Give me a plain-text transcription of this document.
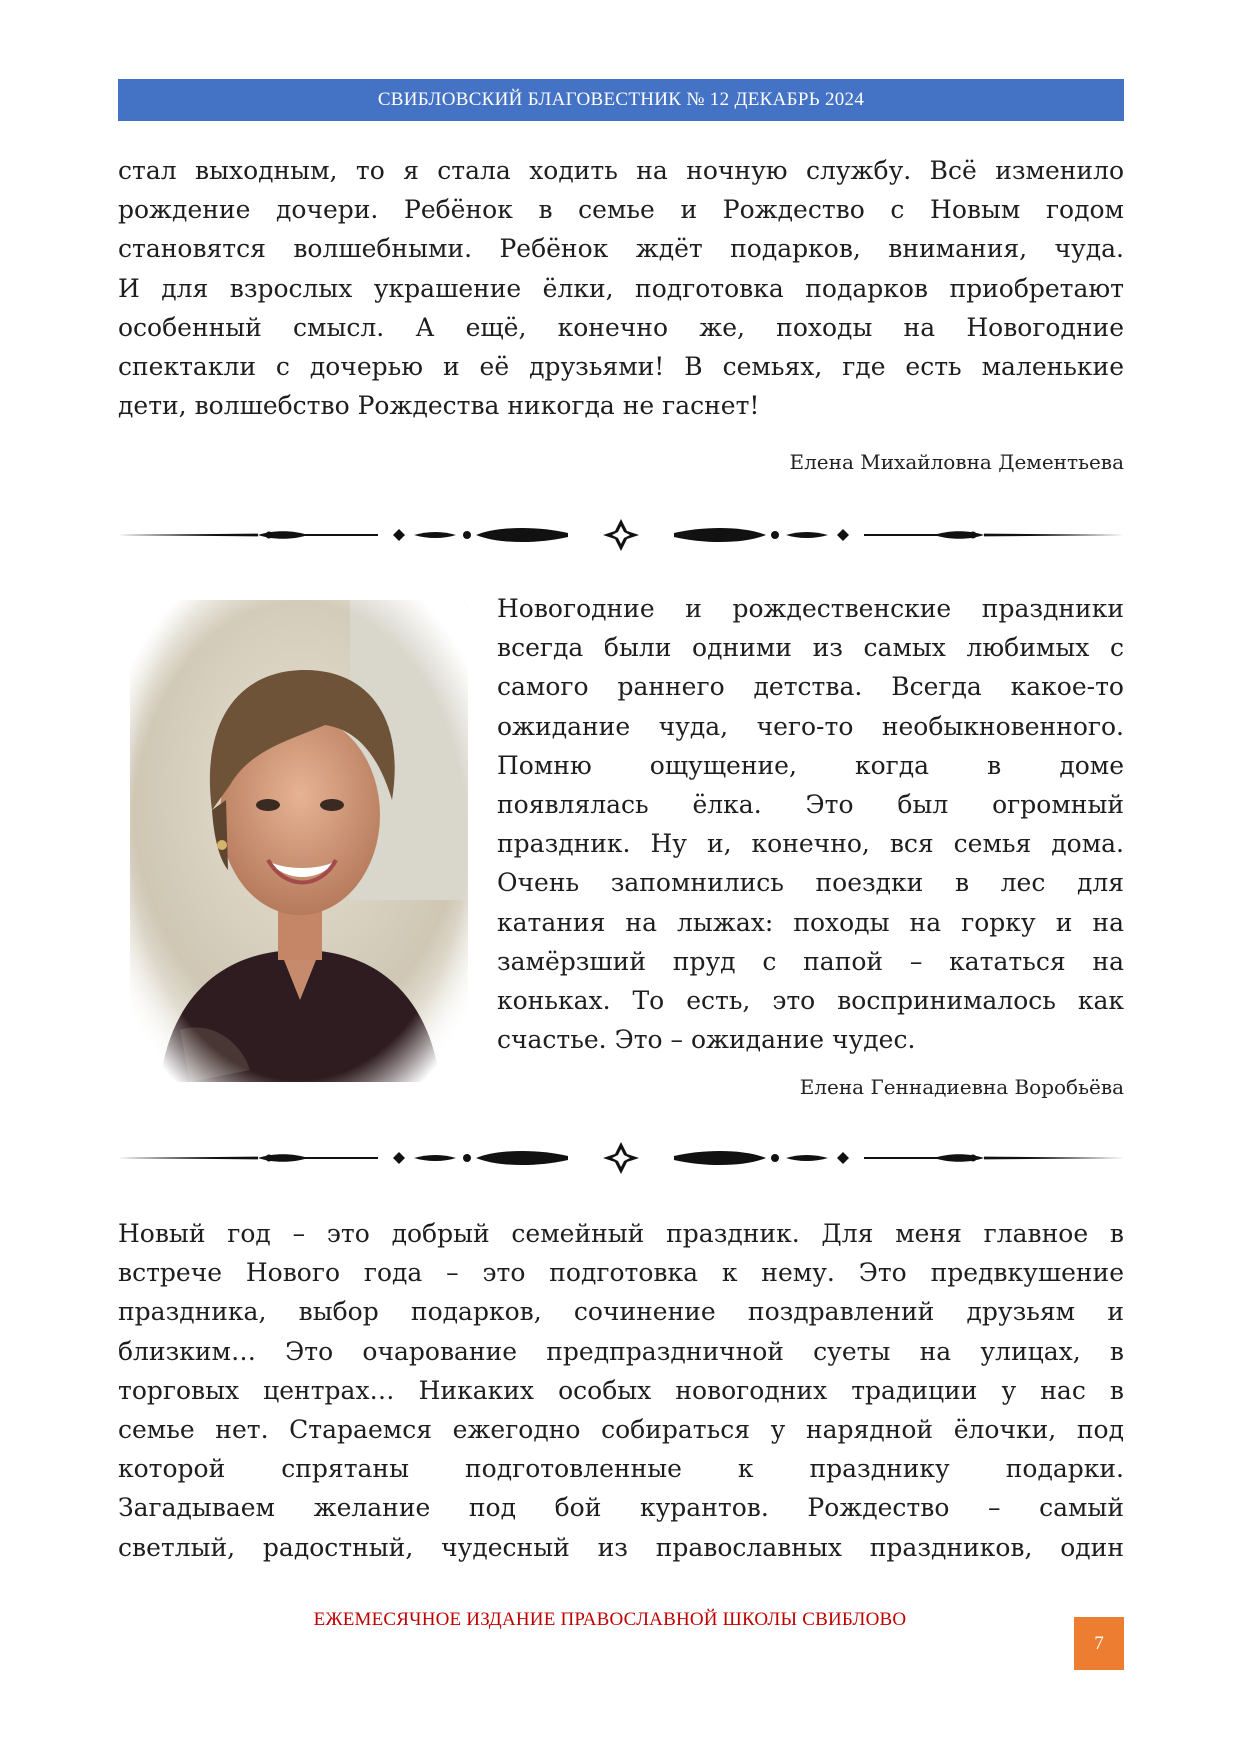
СВИБЛОВСКИЙ БЛАГОВЕСТНИК № 12 ДЕКАБРЬ 2024
стал выходным, то я стала ходить на ночную службу. Всё изменило
рождение дочери. Ребёнок в семье и Рождество с Новым годом
становятся волшебными. Ребёнок ждёт подарков, внимания, чуда.
И для взрослых украшение ёлки, подготовка подарков приобретают
особенный смысл. А ещё, конечно же, походы на Новогодние
спектакли с дочерью и её друзьями! В семьях, где есть маленькие
дети, волшебство Рождества никогда не гаснет!
Елена Михайловна Дементьева
Новогодние и рождественские праздники
всегда были одними из самых любимых с
самого раннего детства. Всегда какое-то
ожидание чуда, чего-то необыкновенного.
Помню ощущение, когда в доме
появлялась ёлка. Это был огромный
праздник. Ну и, конечно, вся семья дома.
Очень запомнились поездки в лес для
катания на лыжах: походы на горку и на
замёрзший пруд с папой – кататься на
коньках. То есть, это воспринималось как
счастье. Это – ожидание чудес.
Елена Геннадиевна Воробьёва
Новый год – это добрый семейный праздник. Для меня главное в
встрече Нового года – это подготовка к нему. Это предвкушение
праздника, выбор подарков, сочинение поздравлений друзьям и
близким… Это очарование предпраздничной суеты на улицах, в
торговых центрах… Никаких особых новогодних традиции у нас в
семье нет. Стараемся ежегодно собираться у нарядной ёлочки, под
которой спрятаны подготовленные к празднику подарки.
Загадываем желание под бой курантов. Рождество – самый
светлый, радостный, чудесный из православных праздников, один
ЕЖЕМЕСЯЧНОЕ ИЗДАНИЕ ПРАВОСЛАВНОЙ ШКОЛЫ СВИБЛОВО
7
